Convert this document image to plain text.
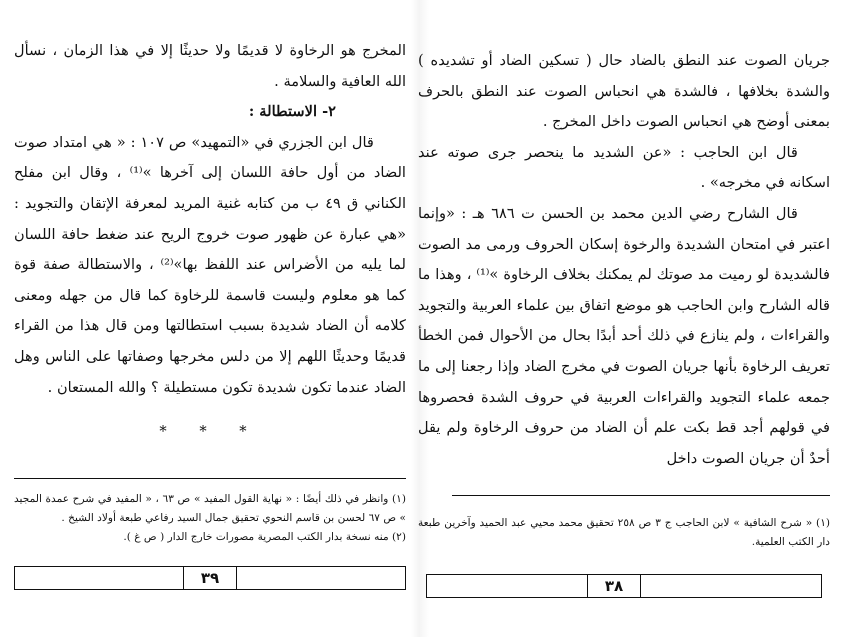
جريان الصوت عند النطق بالضاد حال ( تسكين الضاد أو تشديده ) والشدة بخلافها ، فالشدة هي انحباس الصوت عند النطق بالحرف بمعنى أوضح هي انحباس الصوت داخل المخرج .

قال ابن الحاجب : «عن الشديد ما ينحصر جرى صوته عند اسكانه في مخرجه» .

قال الشارح رضي الدين محمد بن الحسن ت ٦٨٦ هـ : «وإنما اعتبر في امتحان الشديدة والرخوة إسكان الحروف ورمى مد الصوت فالشديدة لو رميت مد صوتك لم يمكنك بخلاف الرخاوة »⁽¹⁾ ، وهذا ما قاله الشارح وابن الحاجب هو موضع اتفاق بين علماء العربية والتجويد والقراءات ، ولم ينازع في ذلك أحد أبدًا بحال من الأحوال فمن الخطأ تعريف الرخاوة بأنها جريان الصوت في مخرج الضاد وإذا رجعنا إلى ما جمعه علماء التجويد والقراءات العربية في حروف الشدة فحصروها في قولهم أجد قط بكت علم أن الضاد من حروف الرخاوة ولم يقل أحدٌ أن جريان الصوت داخل

(١) « شرح الشافية » لابن الحاجب ج ٣ ص ٢٥٨ تحقيق محمد محيي عبد الحميد وآخرين طبعة دار الكتب العلمية.

٣٨

المخرج هو الرخاوة لا قديمًا ولا حديثًا إلا في هذا الزمان ، نسأل الله العافية والسلامة .

٢- الاستطالة :

قال ابن الجزري في «التمهيد» ص ١٠٧ : « هي امتداد صوت الضاد من أول حافة اللسان إلى آخرها »⁽¹⁾ ، وقال ابن مفلح الكناني ق ٤٩ ب من كتابه غنية المريد لمعرفة الإتقان والتجويد : «هي عبارة عن ظهور صوت خروج الريح عند ضغط حافة اللسان لما يليه من الأضراس عند اللفظ بها»⁽²⁾ ، والاستطالة صفة قوة كما هو معلوم وليست قاسمة للرخاوة كما قال من جهله ومعنى كلامه أن الضاد شديدة بسبب استطالتها ومن قال هذا من القراء قديمًا وحديثًا اللهم إلا من دلس مخرجها وصفاتها على الناس وهل الضاد عندما تكون شديدة تكون مستطيلة ؟ والله المستعان .

* * *

(١) وانظر في ذلك أيضًا : « نهاية القول المفيد » ص ٦٣ ، « المفيد في شرح عمدة المجيد » ص ٦٧ لحسن بن قاسم النحوي تحقيق جمال السيد رفاعي طبعة أولاد الشيخ .

(٢) منه نسخة بدار الكتب المصرية مصورات خارج الدار ( ص غ ).

٣٩
